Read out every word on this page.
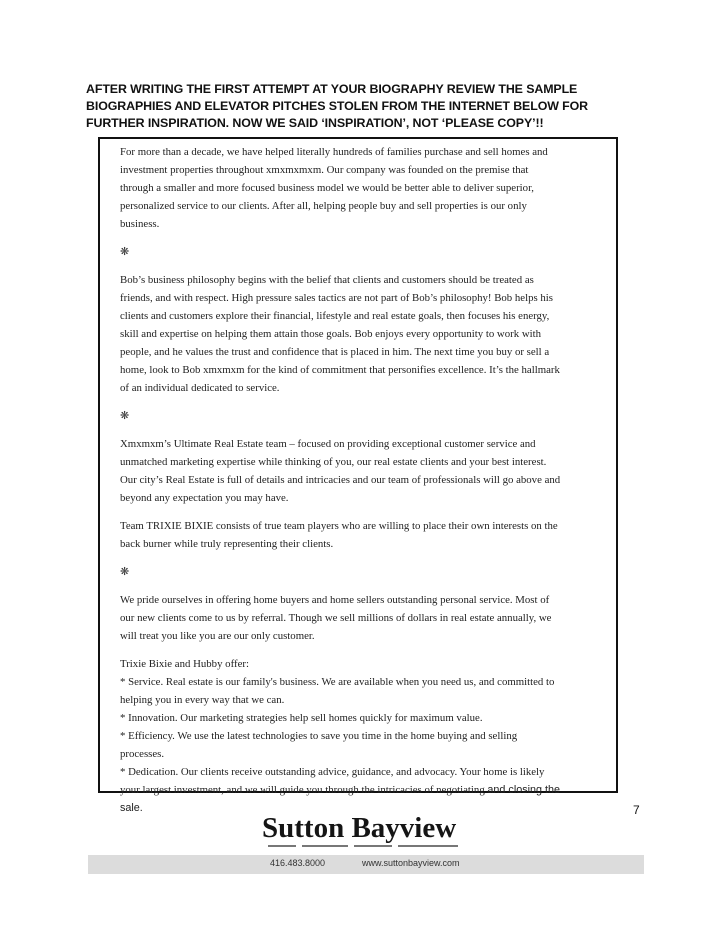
AFTER WRITING THE FIRST ATTEMPT AT YOUR BIOGRAPHY REVIEW THE SAMPLE
BIOGRAPHIES AND ELEVATOR PITCHES STOLEN FROM THE INTERNET BELOW FOR
FURTHER INSPIRATION. NOW WE SAID ‘INSPIRATION’, NOT ‘PLEASE COPY’!!

For more than a decade, we have helped literally hundreds of families purchase and sell homes and
investment properties throughout xmxmxmxm. Our company was founded on the premise that
through a smaller and more focused business model we would be better able to deliver superior,
personalized service to our clients. After all, helping people buy and sell properties is our only
business.

❋

Bob’s business philosophy begins with the belief that clients and customers should be treated as
friends, and with respect. High pressure sales tactics are not part of Bob’s philosophy! Bob helps his
clients and customers explore their financial, lifestyle and real estate goals, then focuses his energy,
skill and expertise on helping them attain those goals. Bob enjoys every opportunity to work with
people, and he values the trust and confidence that is placed in him. The next time you buy or sell a
home, look to Bob xmxmxm for the kind of commitment that personifies excellence. It’s the hallmark
of an individual dedicated to service.

❋

Xmxmxm’s Ultimate Real Estate team – focused on providing exceptional customer service and
unmatched marketing expertise while thinking of you, our real estate clients and your best interest.
Our city’s Real Estate is full of details and intricacies and our team of professionals will go above and
beyond any expectation you may have.

Team TRIXIE BIXIE consists of true team players who are willing to place their own interests on the
back burner while truly representing their clients.

❋

We pride ourselves in offering home buyers and home sellers outstanding personal service. Most of
our new clients come to us by referral. Though we sell millions of dollars in real estate annually, we
will treat you like you are our only customer.

Trixie Bixie and Hubby offer:
* Service. Real estate is our family's business. We are available when you need us, and committed to
helping you in every way that we can.
* Innovation. Our marketing strategies help sell homes quickly for maximum value.
* Efficiency. We use the latest technologies to save you time in the home buying and selling
processes.
* Dedication. Our clients receive outstanding advice, guidance, and advocacy. Your home is likely
your largest investment, and we will guide you through the intricacies of negotiating and closing the
sale.	7
Sutton Bayview
416.483.8000	www.suttonbayview.com
